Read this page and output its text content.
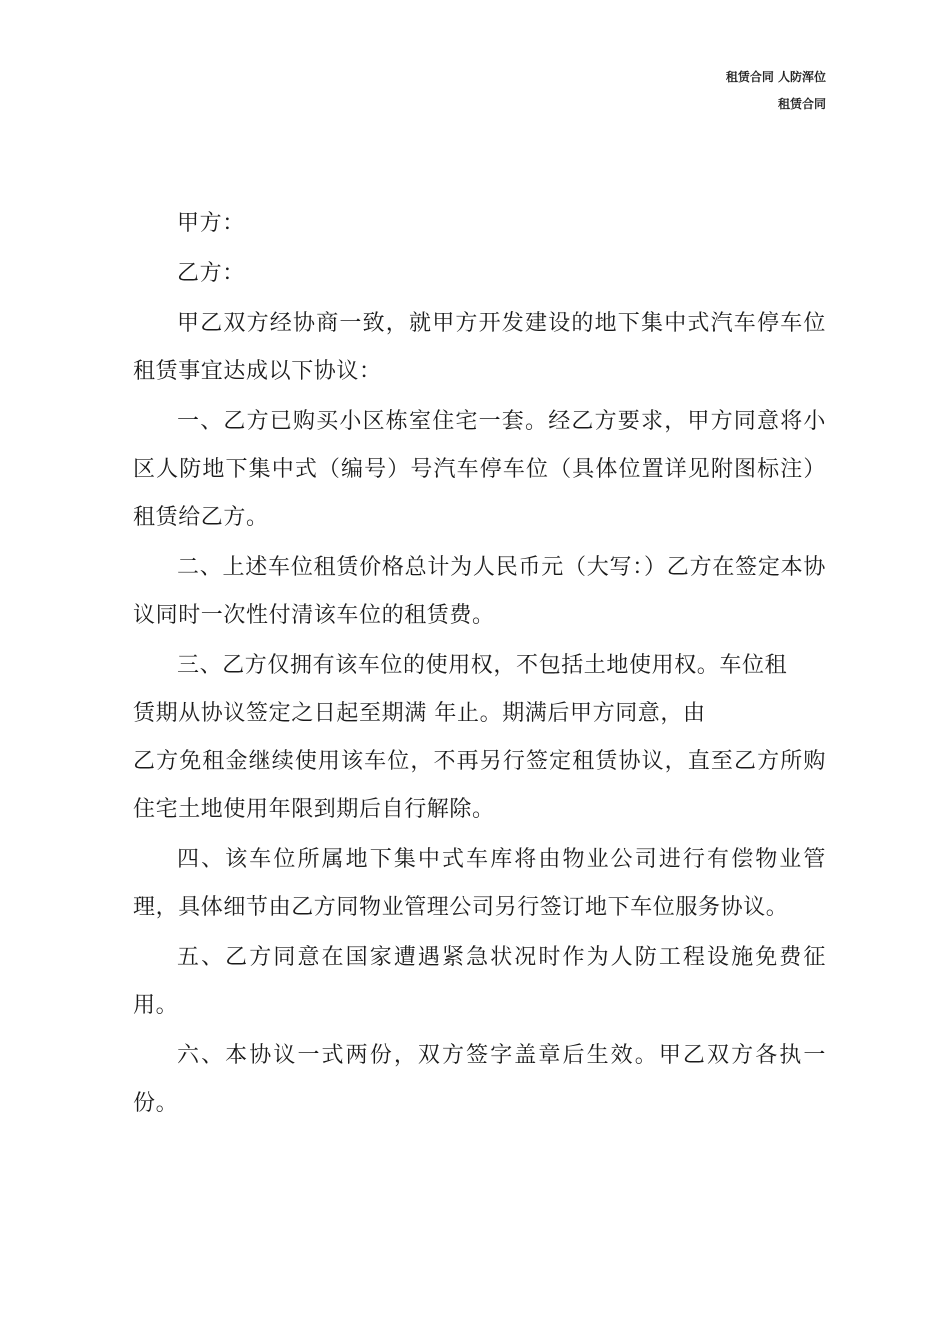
租赁合同 人防浑位
租赁合同

甲方：

乙方：

甲乙双方经协商一致，就甲方开发建设的地下集中式汽车停车位租赁事宜达成以下协议：

一、乙方已购买小区栋室住宅一套。经乙方要求，甲方同意将小区人防地下集中式（编号）号汽车停车位（具体位置详见附图标注）租赁给乙方。

二、上述车位租赁价格总计为人民币元（大写：）乙方在签定本协议同时一次性付清该车位的租赁费。

三、乙方仅拥有该车位的使用权，不包括土地使用权。车位租

赁期从协议签定之日起至期满 年止。期满后甲方同意，由

乙方免租金继续使用该车位，不再另行签定租赁协议，直至乙方所购住宅土地使用年限到期后自行解除。

四、该车位所属地下集中式车库将由物业公司进行有偿物业管理，具体细节由乙方同物业管理公司另行签订地下车位服务协议。

五、乙方同意在国家遭遇紧急状况时作为人防工程设施免费征用。

六、本协议一式两份，双方签字盖章后生效。甲乙双方各执一份。
